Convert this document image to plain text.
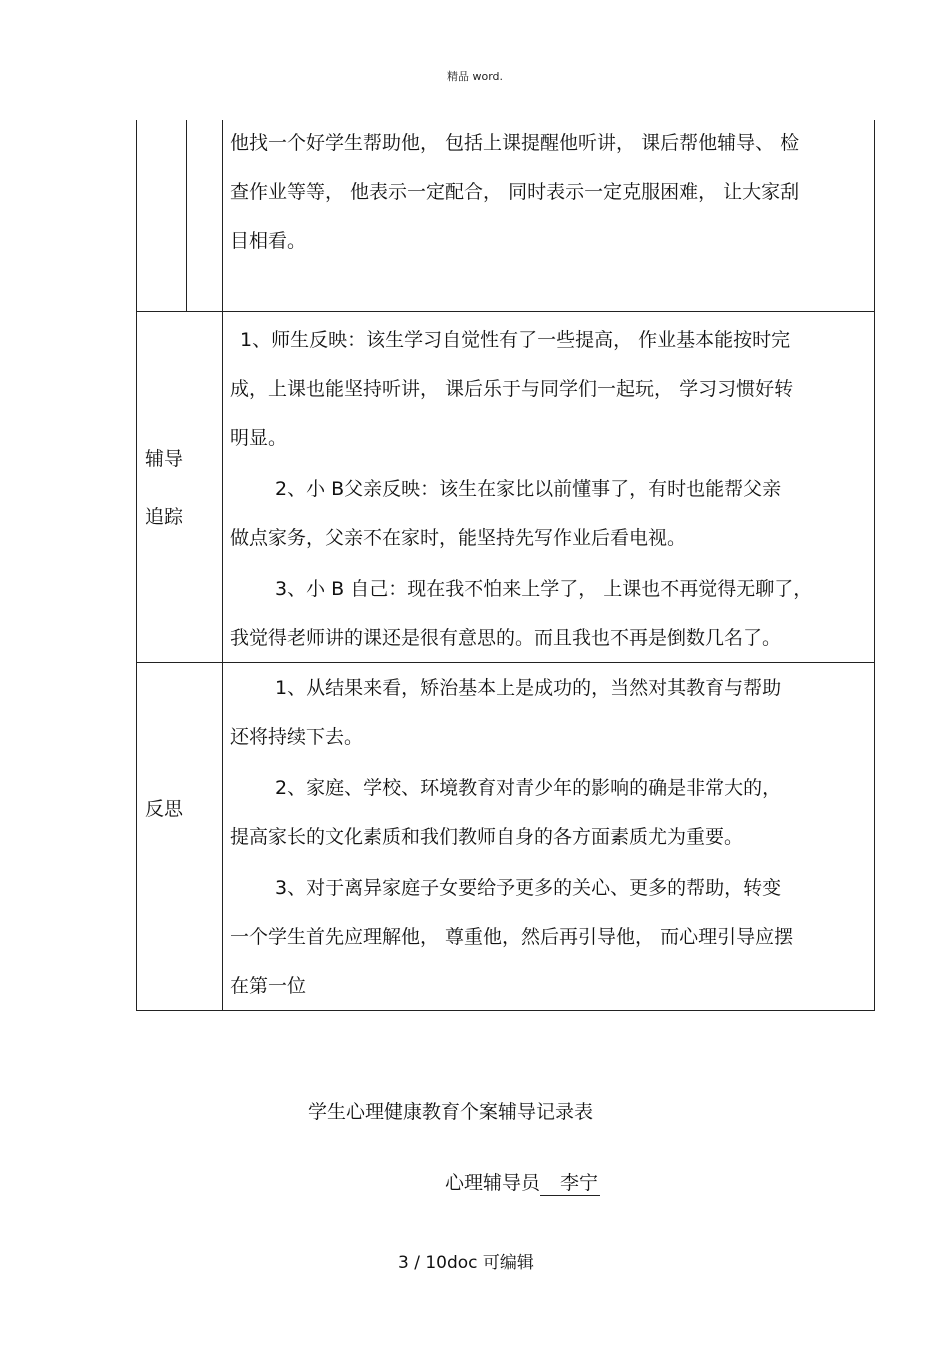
精品 word.
他找一个好学生帮助他， 包括上课提醒他听讲， 课后帮他辅导、 检
查作业等等， 他表示一定配合， 同时表示一定克服困难， 让大家刮
目相看。
辅导
追踪
1、师生反映：该生学习自觉性有了一些提高， 作业基本能按时完
成，上课也能坚持听讲， 课后乐于与同学们一起玩， 学习习惯好转
明显。
2、小 B父亲反映：该生在家比以前懂事了，有时也能帮父亲
做点家务，父亲不在家时，能坚持先写作业后看电视。
3、小 B 自己：现在我不怕来上学了， 上课也不再觉得无聊了，
我觉得老师讲的课还是很有意思的。而且我也不再是倒数几名了。
反思
1、从结果来看，矫治基本上是成功的，当然对其教育与帮助
还将持续下去。
2、家庭、学校、环境教育对青少年的影响的确是非常大的，
提高家长的文化素质和我们教师自身的各方面素质尤为重要。
3、对于离异家庭子女要给予更多的关心、更多的帮助，转变
一个学生首先应理解他， 尊重他，然后再引导他， 而心理引导应摆
在第一位
学生心理健康教育个案辅导记录表
心理辅导员 李宁
3 / 10doc 可编辑
